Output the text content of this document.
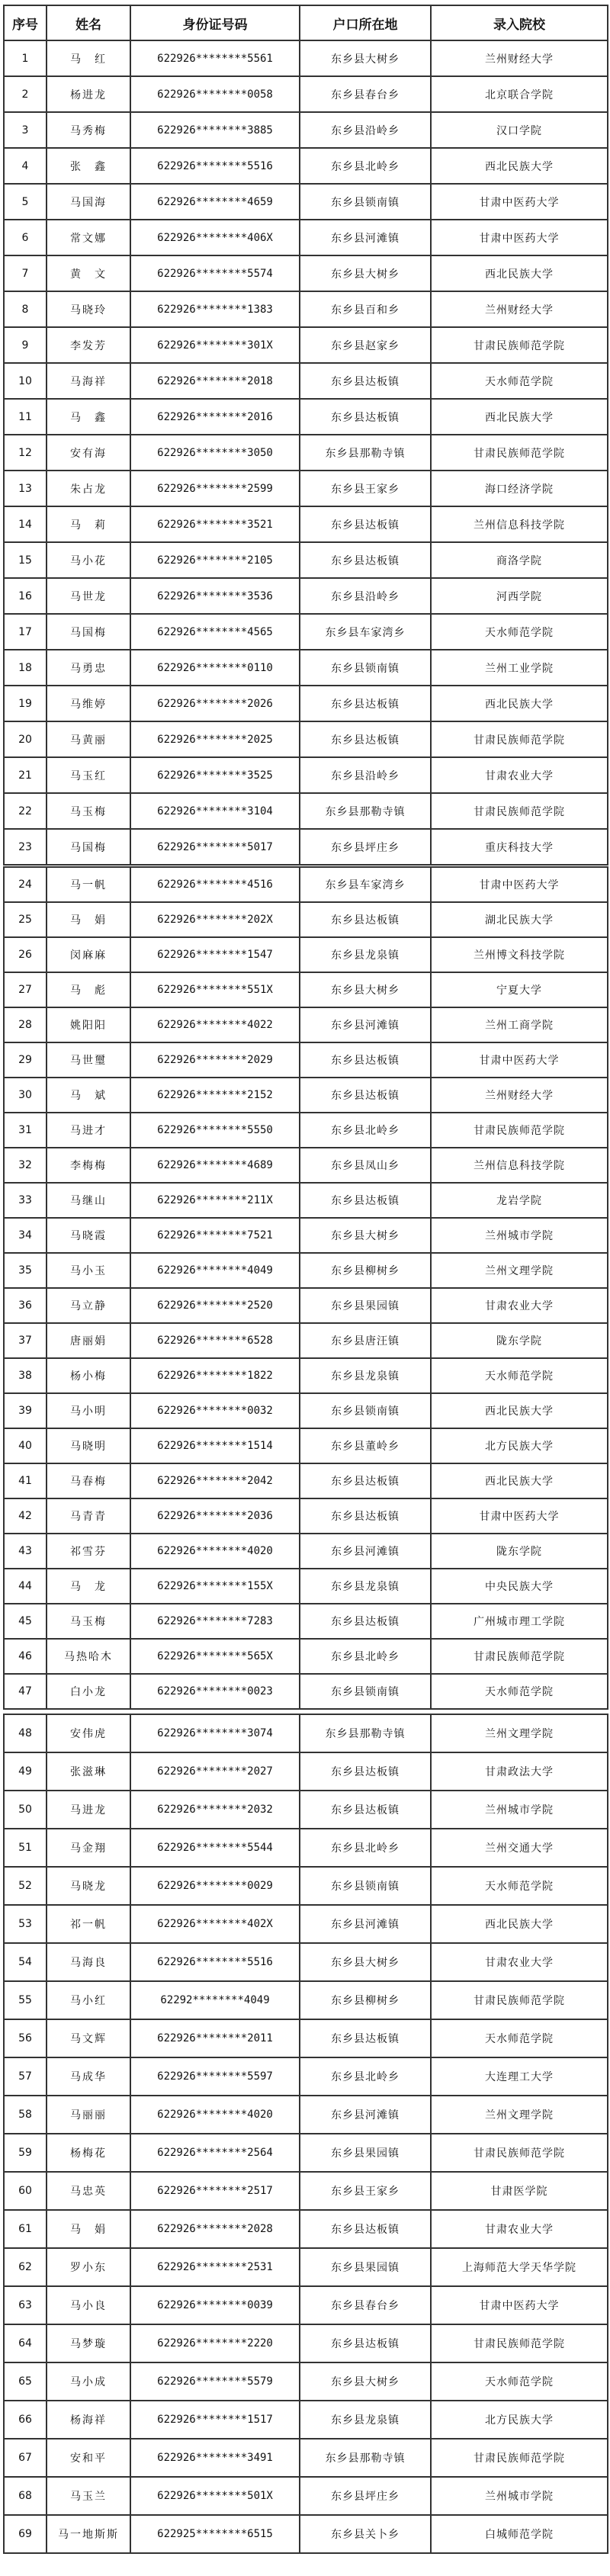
序号	姓名	身份证号码	户口所在地	录入院校
1	马　红	622926********5561	东乡县大树乡	兰州财经大学
2	杨进龙	622926********0058	东乡县春台乡	北京联合学院
3	马秀梅	622926********3885	东乡县沿岭乡	汉口学院
4	张　鑫	622926********5516	东乡县北岭乡	西北民族大学
5	马国海	622926********4659	东乡县锁南镇	甘肃中医药大学
6	常文娜	622926********406X	东乡县河滩镇	甘肃中医药大学
7	黄　文	622926********5574	东乡县大树乡	西北民族大学
8	马晓玲	622926********1383	东乡县百和乡	兰州财经大学
9	李发芳	622926********301X	东乡县赵家乡	甘肃民族师范学院
10	马海祥	622926********2018	东乡县达板镇	天水师范学院
11	马　鑫	622926********2016	东乡县达板镇	西北民族大学
12	安有海	622926********3050	东乡县那勒寺镇	甘肃民族师范学院
13	朱占龙	622926********2599	东乡县王家乡	海口经济学院
14	马　莉	622926********3521	东乡县达板镇	兰州信息科技学院
15	马小花	622926********2105	东乡县达板镇	商洛学院
16	马世龙	622926********3536	东乡县沿岭乡	河西学院
17	马国梅	622926********4565	东乡县车家湾乡	天水师范学院
18	马勇忠	622926********0110	东乡县锁南镇	兰州工业学院
19	马维婷	622926********2026	东乡县达板镇	西北民族大学
20	马黄丽	622926********2025	东乡县达板镇	甘肃民族师范学院
21	马玉红	622926********3525	东乡县沿岭乡	甘肃农业大学
22	马玉梅	622926********3104	东乡县那勒寺镇	甘肃民族师范学院
23	马国梅	622926********5017	东乡县坪庄乡	重庆科技大学
24	马一帆	622926********4516	东乡县车家湾乡	甘肃中医药大学
25	马　娟	622926********202X	东乡县达板镇	湖北民族大学
26	闵麻麻	622926********1547	东乡县龙泉镇	兰州博文科技学院
27	马　彪	622926********551X	东乡县大树乡	宁夏大学
28	姚阳阳	622926********4022	东乡县河滩镇	兰州工商学院
29	马世璽	622926********2029	东乡县达板镇	甘肃中医药大学
30	马　斌	622926********2152	东乡县达板镇	兰州财经大学
31	马进才	622926********5550	东乡县北岭乡	甘肃民族师范学院
32	李梅梅	622926********4689	东乡县凤山乡	兰州信息科技学院
33	马继山	622926********211X	东乡县达板镇	龙岩学院
34	马晓霞	622926********7521	东乡县大树乡	兰州城市学院
35	马小玉	622926********4049	东乡县柳树乡	兰州文理学院
36	马立静	622926********2520	东乡县果园镇	甘肃农业大学
37	唐丽娟	622926********6528	东乡县唐汪镇	陇东学院
38	杨小梅	622926********1822	东乡县龙泉镇	天水师范学院
39	马小明	622926********0032	东乡县锁南镇	西北民族大学
40	马晓明	622926********1514	东乡县董岭乡	北方民族大学
41	马春梅	622926********2042	东乡县达板镇	西北民族大学
42	马青青	622926********2036	东乡县达板镇	甘肃中医药大学
43	祁雪芬	622926********4020	东乡县河滩镇	陇东学院
44	马　龙	622926********155X	东乡县龙泉镇	中央民族大学
45	马玉梅	622926********7283	东乡县达板镇	广州城市理工学院
46	马热哈木	622926********565X	东乡县北岭乡	甘肃民族师范学院
47	白小龙	622926********0023	东乡县锁南镇	天水师范学院
48	安伟虎	622926********3074	东乡县那勒寺镇	兰州文理学院
49	张滋琳	622926********2027	东乡县达板镇	甘肃政法大学
50	马进龙	622926********2032	东乡县达板镇	兰州城市学院
51	马金翔	622926********5544	东乡县北岭乡	兰州交通大学
52	马晓龙	622926********0029	东乡县锁南镇	天水师范学院
53	祁一帆	622926********402X	东乡县河滩镇	西北民族大学
54	马海良	622926********5516	东乡县大树乡	甘肃农业大学
55	马小红	62292********4049	东乡县柳树乡	甘肃民族师范学院
56	马文辉	622926********2011	东乡县达板镇	天水师范学院
57	马成华	622926********5597	东乡县北岭乡	大连理工大学
58	马丽丽	622926********4020	东乡县河滩镇	兰州文理学院
59	杨梅花	622926********2564	东乡县果园镇	甘肃民族师范学院
60	马忠英	622926********2517	东乡县王家乡	甘肃医学院
61	马　娟	622926********2028	东乡县达板镇	甘肃农业大学
62	罗小东	622926********2531	东乡县果园镇	上海师范大学天华学院
63	马小良	622926********0039	东乡县春台乡	甘肃中医药大学
64	马梦璇	622926********2220	东乡县达板镇	甘肃民族师范学院
65	马小成	622926********5579	东乡县大树乡	天水师范学院
66	杨海祥	622926********1517	东乡县龙泉镇	北方民族大学
67	安和平	622926********3491	东乡县那勒寺镇	甘肃民族师范学院
68	马玉兰	622926********501X	东乡县坪庄乡	兰州城市学院
69	马一地斯斯	622925********6515	东乡县关卜乡	白城师范学院
